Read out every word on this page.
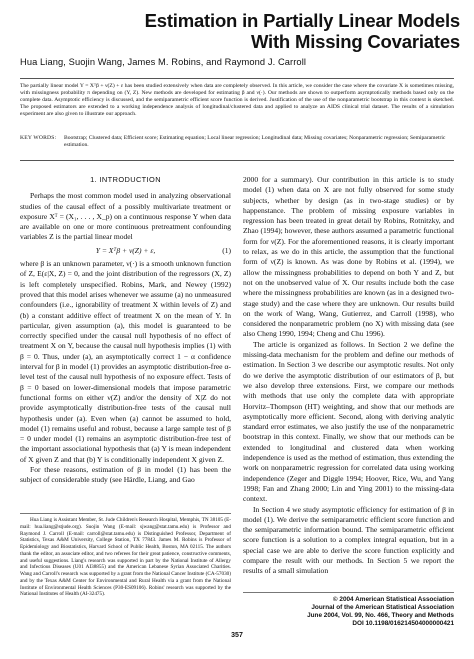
Estimation in Partially Linear Models
With Missing Covariates
Hua Liang, Suojin Wang, James M. Robins, and Raymond J. Carroll

The partially linear model Y = Xᵀβ + ν(Z) + ε has been studied extensively when data are completely observed. In this article, we consider the case where the covariate X is sometimes missing, with missingness probability π depending on (Y, Z). New methods are developed for estimating β and ν(·). Our methods are shown to outperform asymptotically methods based only on the complete data. Asymptotic efficiency is discussed, and the semiparametric efficient score function is derived. Justification of the use of the nonparametric bootstrap in this context is sketched. The proposed estimators are extended to a working independence analysis of longitudinal/clustered data and applied to analyze an AIDS clinical trial dataset. The results of a simulation experiment are also given to illustrate our approach.

KEY WORDS: Bootstrap; Clustered data; Efficient score; Estimating equation; Local linear regression; Longitudinal data; Missing covariates; Nonparametric regression; Semiparametric estimation.

1. INTRODUCTION

Perhaps the most common model used in analyzing observational studies of the causal effect of a possibly multivariate treatment or exposure Xᵀ = (X₁, . . . , X_p) on a continuous response Y when data are available on one or more continuous pretreatment confounding variables Z is the partial linear model

Y = Xᵀβ + ν(Z) + ε,	(1)

where β is an unknown parameter, ν(·) is a smooth unknown function of Z, E(ε|X, Z) = 0, and the joint distribution of the regressors (X, Z) is left completely unspecified. Robins, Mark, and Newey (1992) proved that this model arises whenever we assume (a) no unmeasured confounders (i.e., ignorability of treatment X within levels of Z) and (b) a constant additive effect of treatment X on the mean of Y. In particular, given assumption (a), this model is guaranteed to be correctly specified under the causal null hypothesis of no effect of treatment X on Y, because the causal null hypothesis implies (1) with β = 0. Thus, under (a), an asymptotically correct 1 − α confidence interval for β in model (1) provides an asymptotic distribution-free α-level test of the causal null hypothesis of no exposure effect. Tests of β = 0 based on lower-dimensional models that impose parametric functional forms on either ν(Z) and/or the density of X|Z do not provide asymptotically distribution-free tests of the causal null hypothesis under (a). Even when (a) cannot be assumed to hold, model (1) remains useful and robust, because a large sample test of β = 0 under model (1) remains an asymptotic distribution-free test of the important associational hypothesis that (a) Y is mean independent of X given Z and that (b) Y is conditionally independent X given Z.

For these reasons, estimation of β in model (1) has been the subject of considerable study (see Härdle, Liang, and Gao

Hua Liang is Assistant Member, St. Jude Children's Research Hospital, Memphis, TN 38105 (E-mail: hua.liang@stjude.org). Suojin Wang (E-mail: sjwang@stat.tamu.edu) is Professor and Raymond J. Carroll (E-mail: carroll@stat.tamu.edu) is Distinguished Professor, Department of Statistics, Texas A&M University, College Station, TX 77843. James M. Robins is Professor of Epidemiology and Biostatistics, Harvard School of Public Health, Boston, MA 02115. The authors thank the editor, an associate editor, and two referees for their great patience, constructive comments, and useful suggestions. Liang's research was supported in part by the National Institute of Allergy and Infectious Diseases (U01 AI38855) and the American Lebanese Syrian Associated Charities. Wang and Carroll's research was supported by a grant from the National Cancer Institute (CA-57030) and by the Texas A&M Center for Environmental and Rural Health via a grant from the National Institute of Environmental Health Sciences (P30-ES09106). Robins' research was supported by the National Institutes of Health (AI-32475).

2000 for a summary). Our contribution in this article is to study model (1) when data on X are not fully observed for some study subjects, whether by design (as in two-stage studies) or by happenstance. The problem of missing exposure variables in regression has been treated in great detail by Robins, Rotnitzky, and Zhao (1994); however, these authors assumed a parametric functional form for ν(Z). For the aforementioned reasons, it is clearly important to relax, as we do in this article, the assumption that the functional form of ν(Z) is known. As was done by Robins et al. (1994), we allow the missingness probabilities to depend on both Y and Z, but not on the unobserved value of X. Our results include both the case where the missingness probabilities are known (as in a designed two-stage study) and the case where they are unknown. Our results build on the work of Wang, Wang, Gutierrez, and Carroll (1998), who considered the nonparametric problem (no X) with missing data (see also Cheng 1990, 1994; Cheng and Chu 1996).

The article is organized as follows. In Section 2 we define the missing-data mechanism for the problem and define our methods of estimation. In Section 3 we describe our asymptotic results. Not only do we derive the asymptotic distribution of our estimators of β, but we also develop three extensions. First, we compare our methods with methods that use only the complete data with appropriate Horvitz–Thompson (HT) weighting, and show that our methods are asymptotically more efficient. Second, along with deriving analytic standard error estimates, we also justify the use of the nonparametric bootstrap in this context. Finally, we show that our methods can be extended to longitudinal and clustered data when working independence is used as the method of estimation, thus extending the work on nonparametric regression for correlated data using working independence (Zeger and Diggle 1994; Hoover, Rice, Wu, and Yang 1998; Fan and Zhang 2000; Lin and Ying 2001) to the missing-data context.

In Section 4 we study asymptotic efficiency for estimation of β in model (1). We derive the semiparametric efficient score function and the semiparametric information bound. The semiparametric efficient score function is a solution to a complex integral equation, but in a special case we are able to derive the score function explicitly and compare the result with our methods. In Section 5 we report the results of a small simulation

© 2004 American Statistical Association
Journal of the American Statistical Association
June 2004, Vol. 99, No. 466, Theory and Methods
DOI 10.1198/016214504000000421
357
